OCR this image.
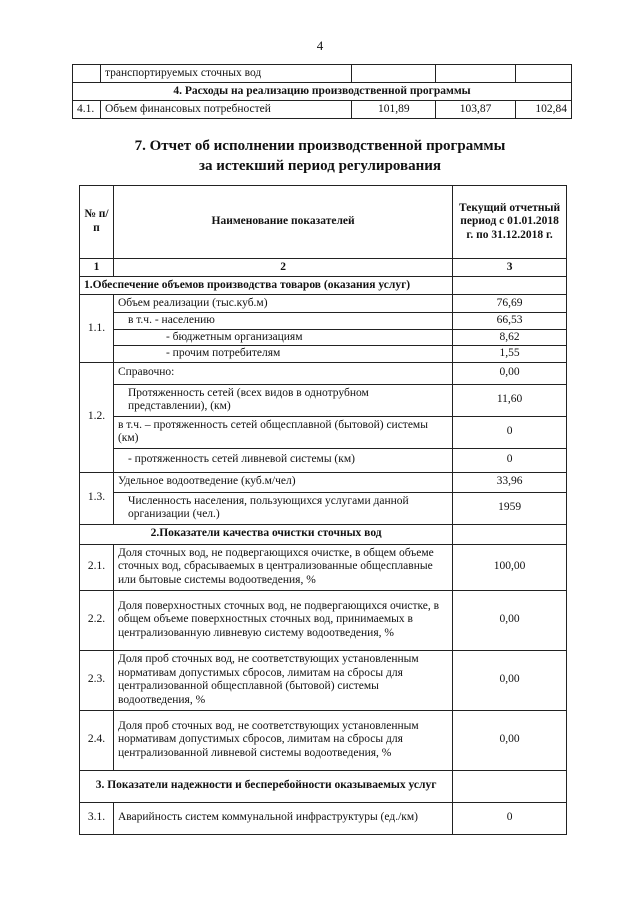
4
	транспортируемых сточных вод			
4. Расходы на реализацию производственной программы				
4.1.	Объем финансовых потребностей	101,89	103,87	102,84
7. Отчет об исполнении производственной программы
за истекший период регулирования
№ п/п	Наименование показателей	Текущий отчетный период с 01.01.2018 г. по 31.12.2018 г.
1	2	3
1.Обеспечение объемов производства товаров (оказания услуг)		
1.1.	Объем реализации (тыс.куб.м)	76,69
	в т.ч. - населению	66,53
	- бюджетным организациям	8,62
	- прочим потребителям	1,55
1.2.	Справочно:	0,00
	Протяженность сетей (всех видов в однотрубном представлении), (км)	11,60
	в т.ч. – протяженность сетей общесплавной (бытовой) системы (км)	0
	- протяженность сетей ливневой системы (км)	0
1.3.	Удельное водоотведение (куб.м/чел)	33,96
	Численность населения, пользующихся услугами данной организации (чел.)	1959
2.Показатели качества очистки сточных вод		
2.1.	Доля сточных вод, не подвергающихся очистке, в общем объеме сточных вод, сбрасываемых в централизованные общесплавные или бытовые системы водоотведения, %	100,00
2.2.	Доля поверхностных сточных вод, не подвергающихся очистке, в общем объеме поверхностных сточных вод, принимаемых в централизованную ливневую систему водоотведения, %	0,00
2.3.	Доля проб сточных вод, не соответствующих установленным нормативам допустимых сбросов, лимитам на сбросы для централизованной общесплавной (бытовой) системы водоотведения, %	0,00
2.4.	Доля проб сточных вод, не соответствующих установленным нормативам допустимых сбросов, лимитам на сбросы для централизованной ливневой системы водоотведения, %	0,00
3. Показатели надежности и бесперебойности оказываемых услуг		
3.1.	Аварийность систем коммунальной инфраструктуры (ед./км)	0
